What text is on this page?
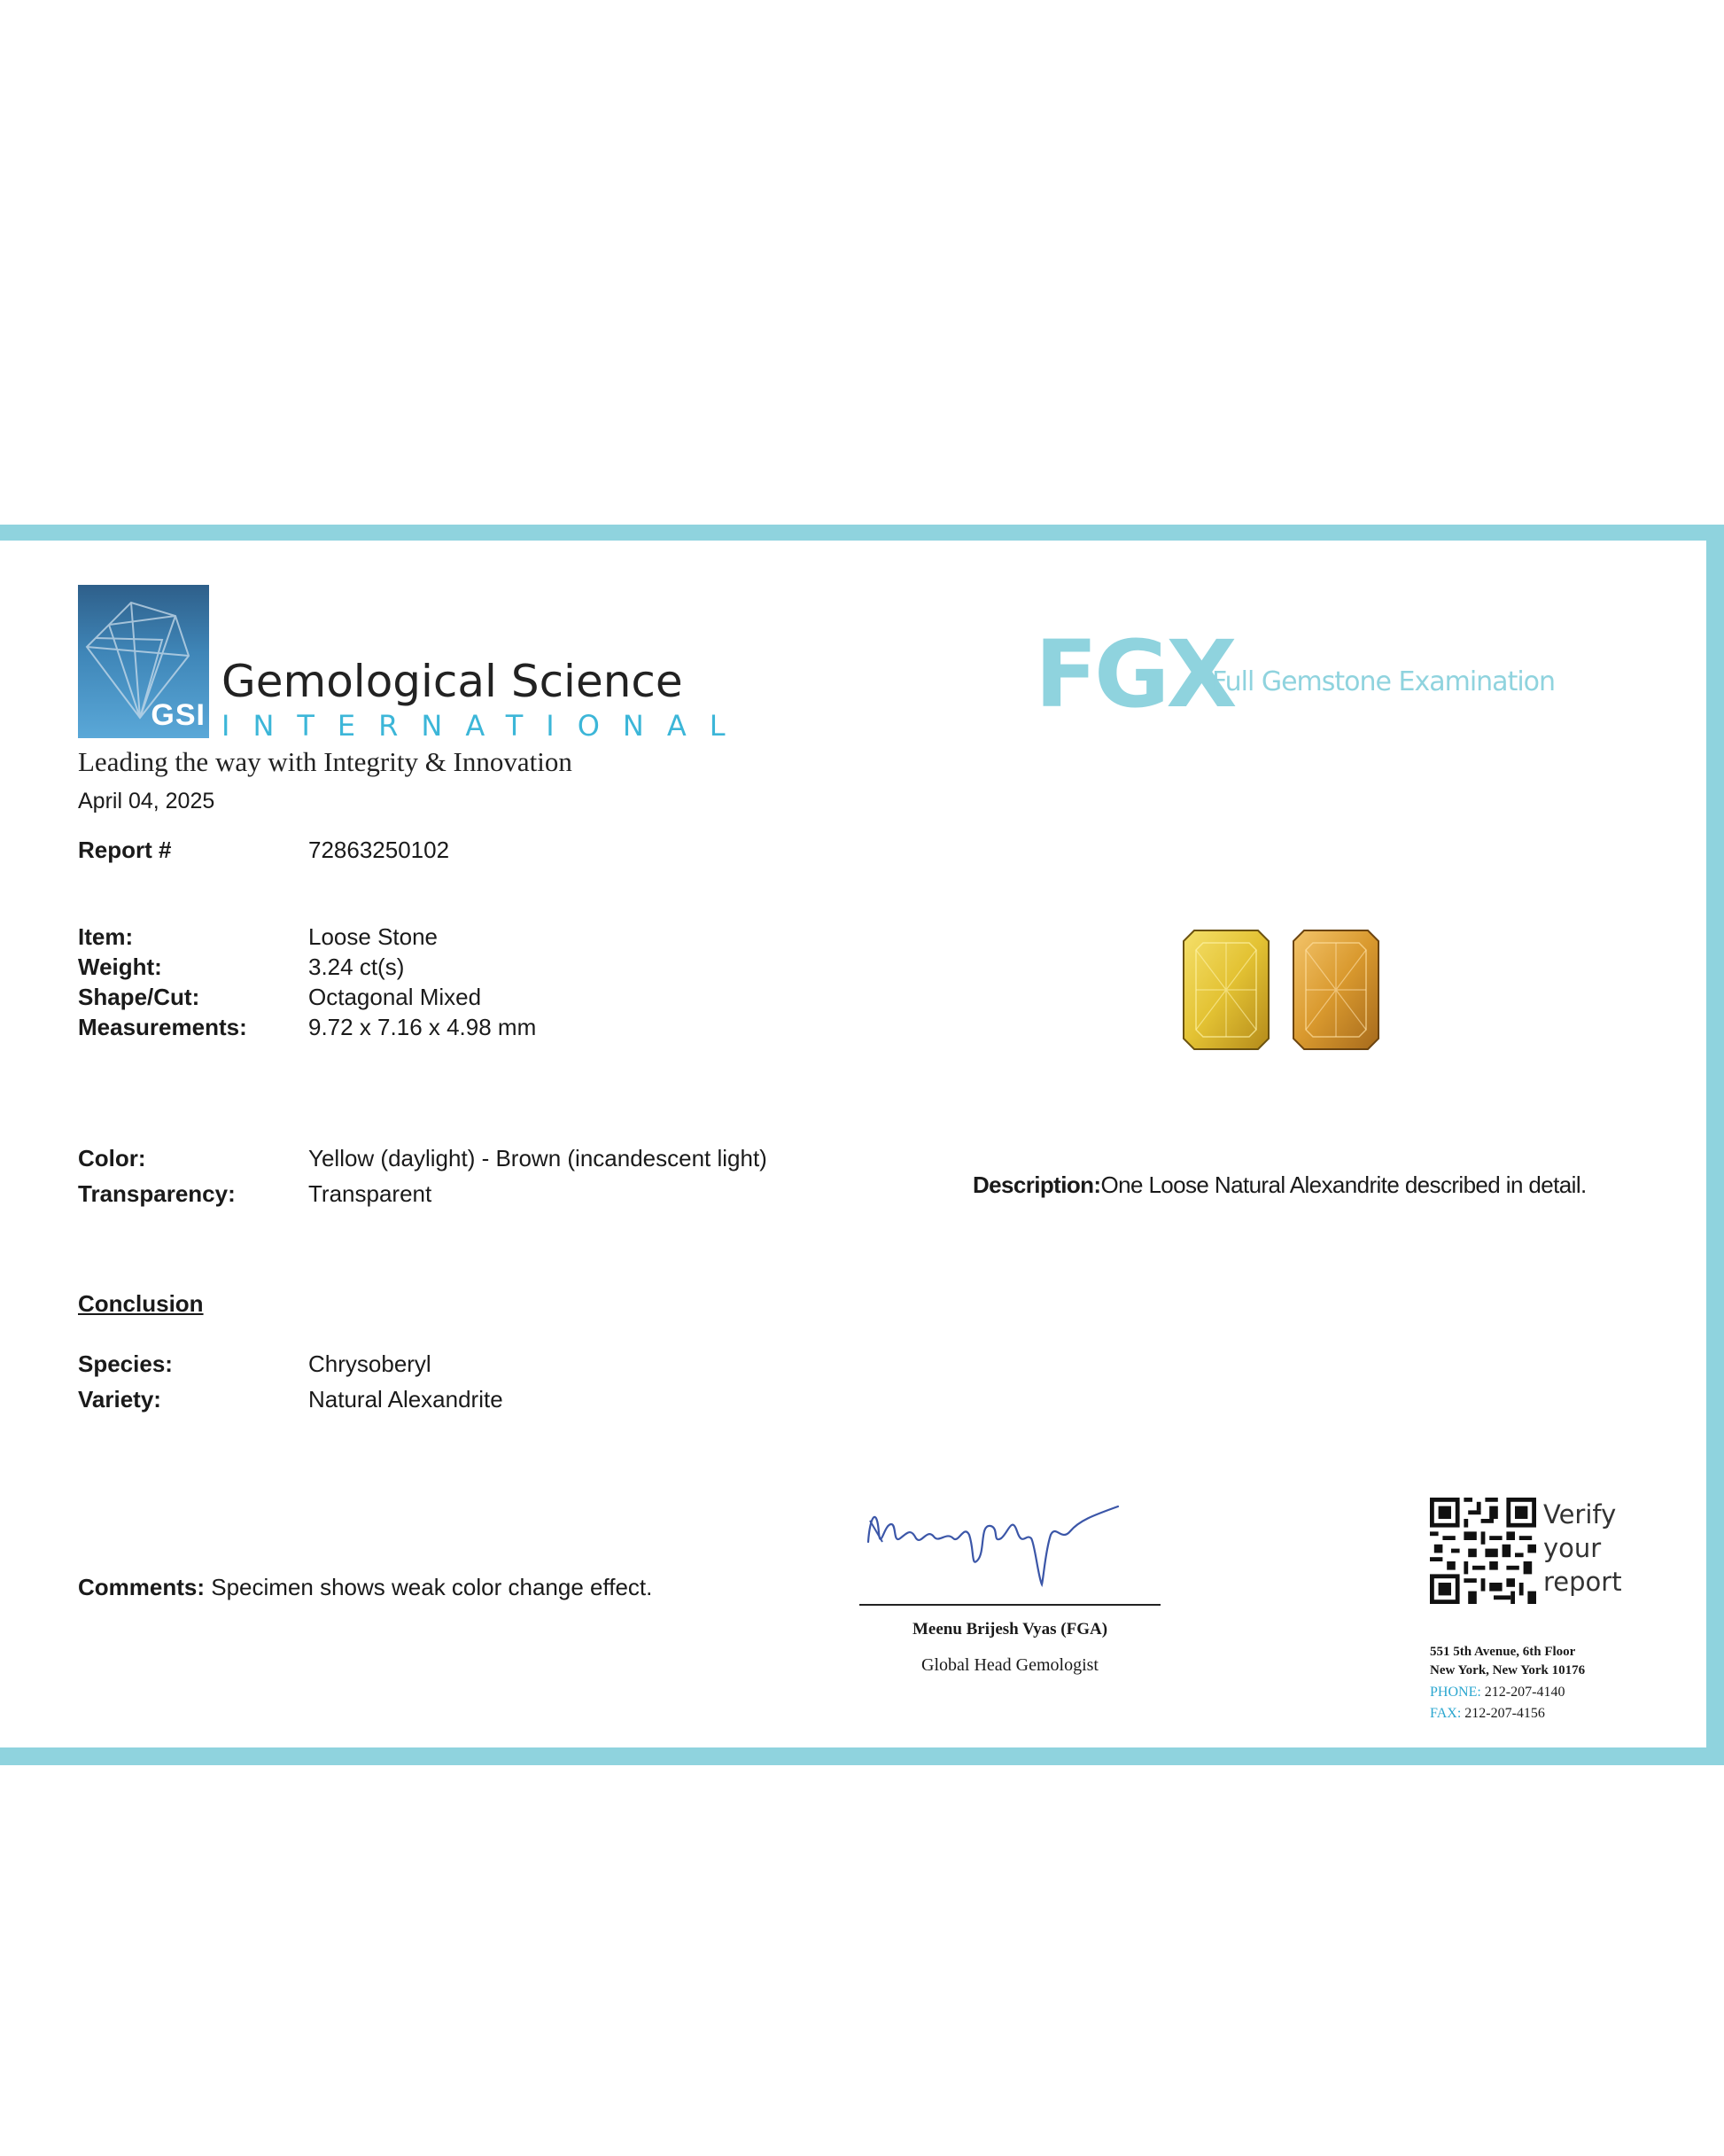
GSI
Gemological Science
INTERNATIONAL
Leading the way with Integrity & Innovation
FGX
Full Gemstone Examination
April 04, 2025
Report #	72863250102
Item:	Loose Stone
Weight:	3.24 ct(s)
Shape/Cut:	Octagonal Mixed
Measurements:	9.72 x 7.16 x 4.98 mm
Color:	Yellow (daylight) - Brown (incandescent light)
Transparency:	Transparent
Conclusion
Species:	Chrysoberyl
Variety:	Natural Alexandrite
Comments: Specimen shows weak color change effect.
Description:One Loose Natural Alexandrite described in detail.
Meenu Brijesh Vyas (FGA)
Global Head Gemologist
Verify
your
report
551 5th Avenue, 6th Floor
New York, New York 10176
PHONE: 212-207-4140
FAX: 212-207-4156
